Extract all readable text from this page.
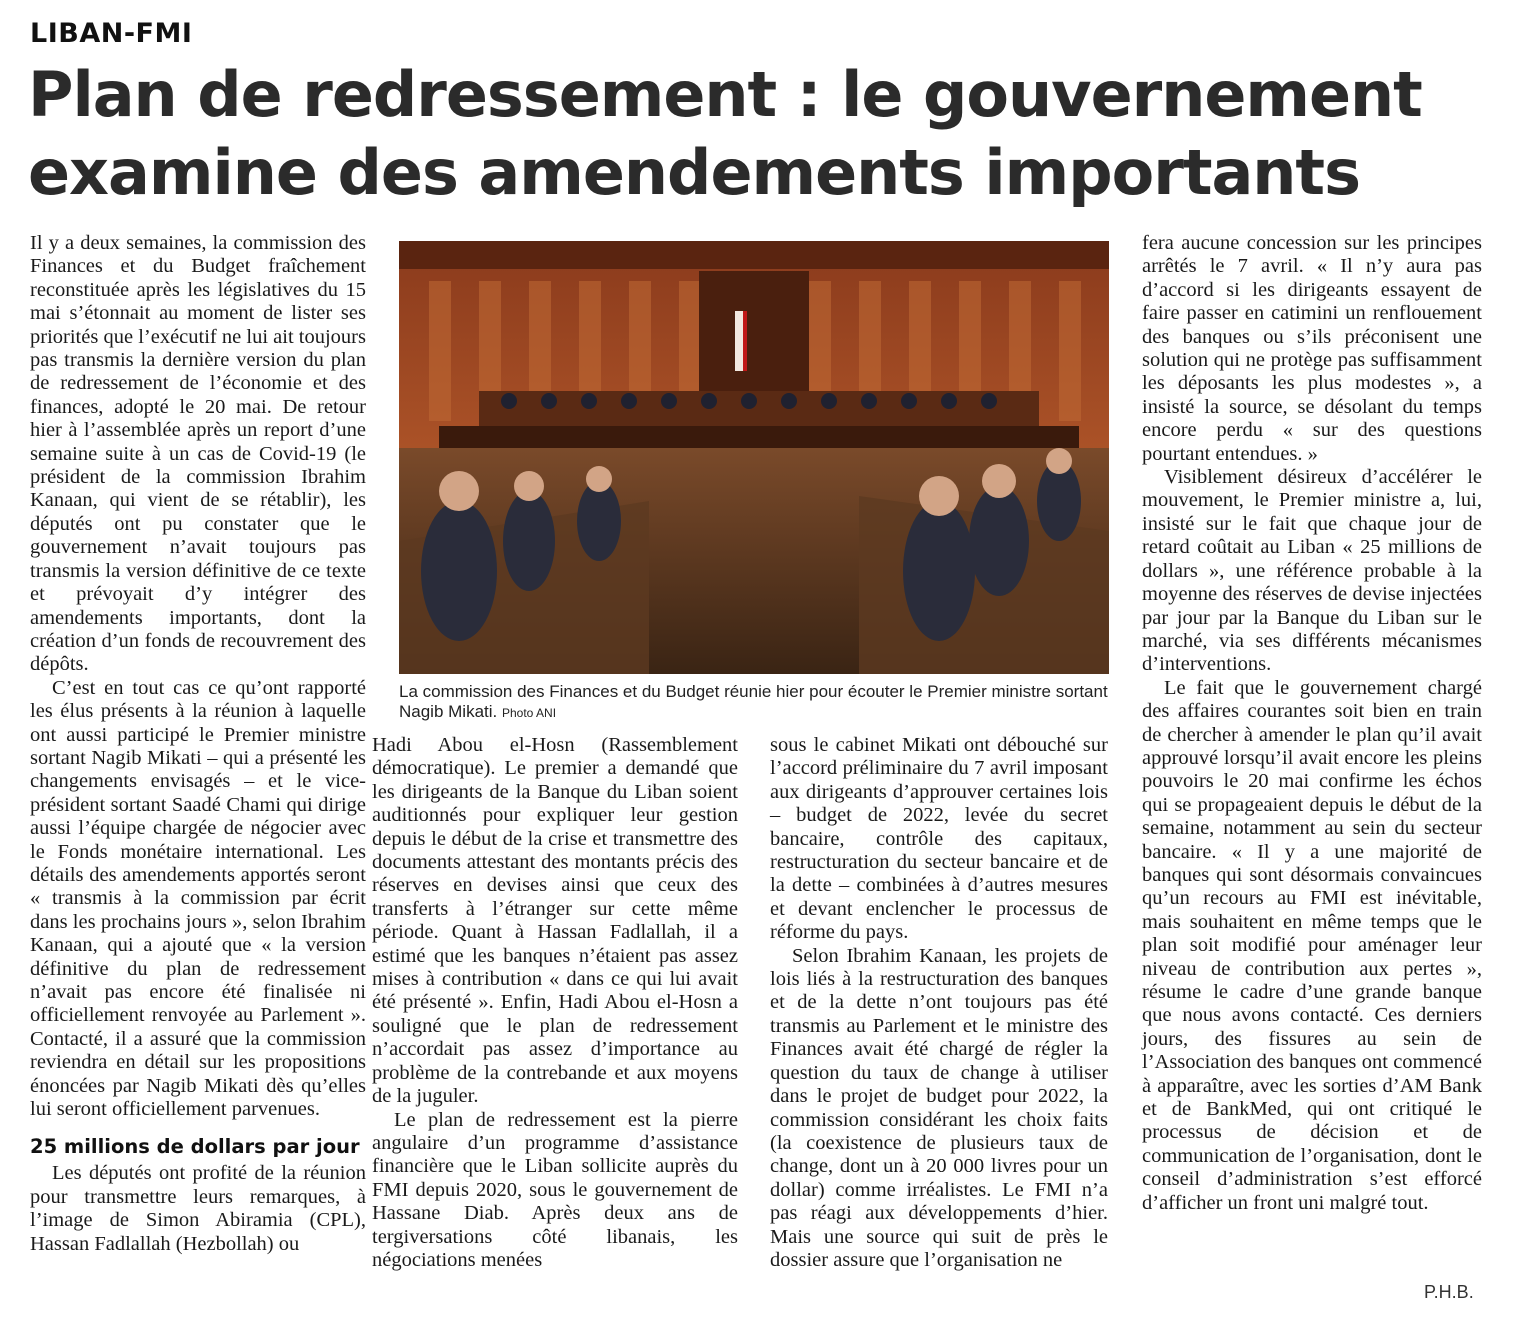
LIBAN-FMI
Plan de redressement : le gouvernement
examine des amendements importants

Il y a deux semaines, la commission des Finances et du Budget fraîchement reconstituée après les législatives du 15 mai s’étonnait au moment de lister ses priorités que l’exécutif ne lui ait toujours pas transmis la dernière version du plan de redressement de l’économie et des finances, adopté le 20 mai. De retour hier à l’assemblée après un report d’une semaine suite à un cas de Covid-19 (le président de la commission Ibrahim Kanaan, qui vient de se rétablir), les députés ont pu constater que le gouvernement n’avait toujours pas transmis la version définitive de ce texte et prévoyait d’y intégrer des amendements importants, dont la création d’un fonds de recouvrement des dépôts.

C’est en tout cas ce qu’ont rapporté les élus présents à la réunion à laquelle ont aussi participé le Premier ministre sortant Nagib Mikati – qui a présenté les changements envisagés – et le vice-président sortant Saadé Chami qui dirige aussi l’équipe chargée de négocier avec le Fonds monétaire international. Les détails des amendements apportés seront « transmis à la commission par écrit dans les prochains jours », selon Ibrahim Kanaan, qui a ajouté que « la version définitive du plan de redressement n’avait pas encore été finalisée ni officiellement renvoyée au Parlement ». Contacté, il a assuré que la commission reviendra en détail sur les propositions énoncées par Nagib Mikati dès qu’elles lui seront officiellement parvenues.

25 millions de dollars par jour

Les députés ont profité de la réunion pour transmettre leurs remarques, à l’image de Simon Abiramia (CPL), Hassan Fadlallah (Hezbollah) ou

La commission des Finances et du Budget réunie hier pour écouter le Premier ministre sortant Nagib Mikati. Photo ANI

Hadi Abou el-Hosn (Rassemblement démocratique). Le premier a demandé que les dirigeants de la Banque du Liban soient auditionnés pour expliquer leur gestion depuis le début de la crise et transmettre des documents attestant des montants précis des réserves en devises ainsi que ceux des transferts à l’étranger sur cette même période. Quant à Hassan Fadlallah, il a estimé que les banques n’étaient pas assez mises à contribution « dans ce qui lui avait été présenté ». Enfin, Hadi Abou el-Hosn a souligné que le plan de redressement n’accordait pas assez d’importance au problème de la contrebande et aux moyens de la juguler.

Le plan de redressement est la pierre angulaire d’un programme d’assistance financière que le Liban sollicite auprès du FMI depuis 2020, sous le gouvernement de Hassane Diab. Après deux ans de tergiversations côté libanais, les négociations menées

sous le cabinet Mikati ont débouché sur l’accord préliminaire du 7 avril imposant aux dirigeants d’approuver certaines lois – budget de 2022, levée du secret bancaire, contrôle des capitaux, restructuration du secteur bancaire et de la dette – combinées à d’autres mesures et devant enclencher le processus de réforme du pays.

Selon Ibrahim Kanaan, les projets de lois liés à la restructuration des banques et de la dette n’ont toujours pas été transmis au Parlement et le ministre des Finances avait été chargé de régler la question du taux de change à utiliser dans le projet de budget pour 2022, la commission considérant les choix faits (la coexistence de plusieurs taux de change, dont un à 20 000 livres pour un dollar) comme irréalistes. Le FMI n’a pas réagi aux développements d’hier. Mais une source qui suit de près le dossier assure que l’organisation ne

fera aucune concession sur les principes arrêtés le 7 avril. « Il n’y aura pas d’accord si les dirigeants essayent de faire passer en catimini un renflouement des banques ou s’ils préconisent une solution qui ne protège pas suffisamment les déposants les plus modestes », a insisté la source, se désolant du temps encore perdu « sur des questions pourtant entendues. »

Visiblement désireux d’accélérer le mouvement, le Premier ministre a, lui, insisté sur le fait que chaque jour de retard coûtait au Liban « 25 millions de dollars », une référence probable à la moyenne des réserves de devise injectées par jour par la Banque du Liban sur le marché, via ses différents mécanismes d’interventions.

Le fait que le gouvernement chargé des affaires courantes soit bien en train de chercher à amender le plan qu’il avait approuvé lorsqu’il avait encore les pleins pouvoirs le 20 mai confirme les échos qui se propageaient depuis le début de la semaine, notamment au sein du secteur bancaire. « Il y a une majorité de banques qui sont désormais convaincues qu’un recours au FMI est inévitable, mais souhaitent en même temps que le plan soit modifié pour aménager leur niveau de contribution aux pertes », résume le cadre d’une grande banque que nous avons contacté. Ces derniers jours, des fissures au sein de l’Association des banques ont commencé à apparaître, avec les sorties d’AM Bank et de BankMed, qui ont critiqué le processus de décision et de communication de l’organisation, dont le conseil d’administration s’est efforcé d’afficher un front uni malgré tout.

P.H.B.
